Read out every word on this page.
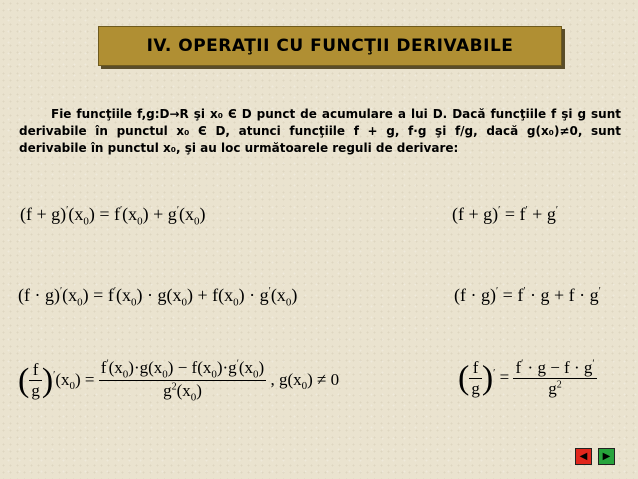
IV. OPERAŢII CU FUNCŢII DERIVABILE

Fie funcţiile f,g:D→R şi x₀ Є D punct de acumulare a lui D. Dacă funcţiile f şi g sunt derivabile în punctul x₀ Є D, atunci funcţiile f + g, f·g şi f/g, dacă g(x₀)≠0, sunt derivabile în punctul x₀, şi au loc următoarele reguli de derivare:

$(f + g)'(x_0) = f'(x_0) + g'(x_0)$	(f + g)′ = f′ + g′
$(f \cdot g)'(x_0) = f'(x_0) \cdot g(x_0) + f(x_0) \cdot g'(x_0)$	(f · g)′ = f′ · g + f · g′
( $\frac{f}{g} )'(x_0) = \frac{f'(x_0)\cdot g(x_0) - f(x_0)\cdot g'(x_0)}{g^2(x_0)}$ , $g(x_0) \ne 0$	( $\frac{f}{g} )' = \frac{f' \cdot g - f \cdot g'}{g^2}$
◀ ▶
